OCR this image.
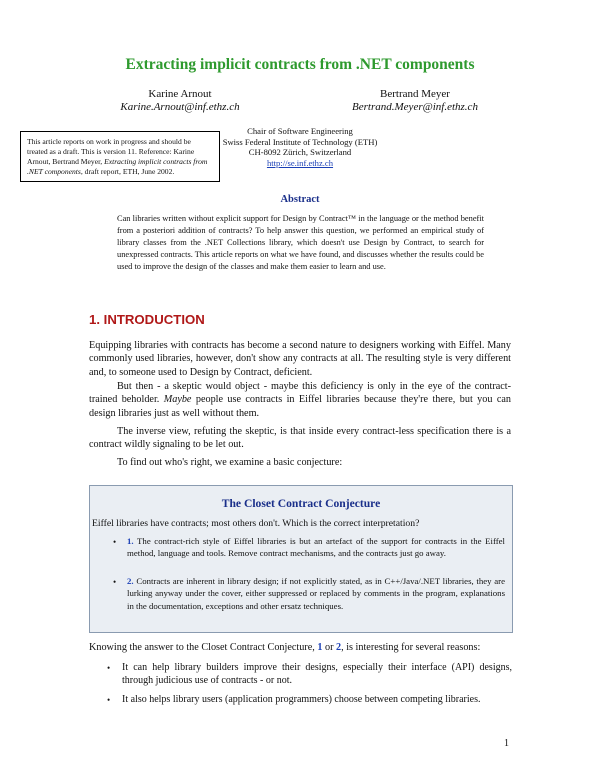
Extracting implicit contracts from .NET components
Karine Arnout
Karine.Arnout@inf.ethz.ch
Bertrand Meyer
Bertrand.Meyer@inf.ethz.ch
This article reports on work in progress and should be treated as a draft. This is version 11. Reference: Karine Arnout, Bertrand Meyer, Extracting implicit contracts from .NET components, draft report, ETH, June 2002.
Chair of Software Engineering
Swiss Federal Institute of Technology (ETH)
CH-8092 Zürich, Switzerland
http://se.inf.ethz.ch
Abstract
Can libraries written without explicit support for Design by Contract™ in the language or the method benefit from a posteriori addition of contracts? To help answer this question, we performed an empirical study of library classes from the .NET Collections library, which doesn't use Design by Contract, to search for unexpressed contracts. This article reports on what we have found, and discusses whether the results could be used to improve the design of the classes and make them easier to learn and use.
1. INTRODUCTION
Equipping libraries with contracts has become a second nature to designers working with Eiffel. Many commonly used libraries, however, don't show any contracts at all. The resulting style is very different and, to someone used to Design by Contract, deficient.
But then - a skeptic would object - maybe this deficiency is only in the eye of the contract-trained beholder. Maybe people use contracts in Eiffel libraries because they're there, but you can design libraries just as well without them.
The inverse view, refuting the skeptic, is that inside every contract-less specification there is a contract wildly signaling to be let out.
To find out who's right, we examine a basic conjecture:
The Closet Contract Conjecture
Eiffel libraries have contracts; most others don't. Which is the correct interpretation?
• 1. The contract-rich style of Eiffel libraries is but an artefact of the support for contracts in the Eiffel method, language and tools. Remove contract mechanisms, and the contracts just go away.
• 2. Contracts are inherent in library design; if not explicitly stated, as in C++/Java/.NET libraries, they are lurking anyway under the cover, either suppressed or replaced by comments in the program, explanations in the documentation, exceptions and other ersatz techniques.
Knowing the answer to the Closet Contract Conjecture, 1 or 2, is interesting for several reasons:
• It can help library builders improve their designs, especially their interface (API) designs, through judicious use of contracts - or not.
• It also helps library users (application programmers) choose between competing libraries.
1
